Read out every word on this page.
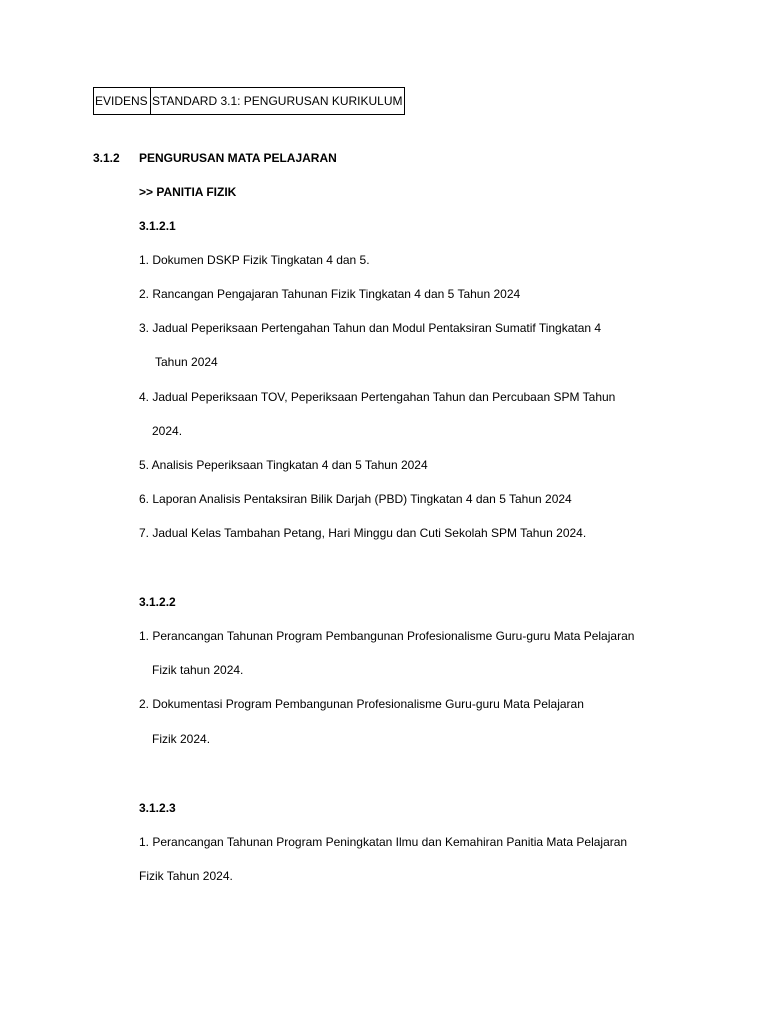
EVIDENS	STANDARD 3.1: PENGURUSAN KURIKULUM
3.1.2 PENGURUSAN MATA PELAJARAN
>> PANITIA FIZIK
3.1.2.1
1. Dokumen DSKP Fizik Tingkatan 4 dan 5.
2. Rancangan Pengajaran Tahunan Fizik Tingkatan 4 dan 5 Tahun 2024
3. Jadual Peperiksaan Pertengahan Tahun dan Modul Pentaksiran Sumatif Tingkatan 4
Tahun 2024
4. Jadual Peperiksaan TOV, Peperiksaan Pertengahan Tahun dan Percubaan SPM Tahun
2024.
5. Analisis Peperiksaan Tingkatan 4 dan 5 Tahun 2024
6. Laporan Analisis Pentaksiran Bilik Darjah (PBD) Tingkatan 4 dan 5 Tahun 2024
7. Jadual Kelas Tambahan Petang, Hari Minggu dan Cuti Sekolah SPM Tahun 2024.
3.1.2.2
1. Perancangan Tahunan Program Pembangunan Profesionalisme Guru-guru Mata Pelajaran
Fizik tahun 2024.
2. Dokumentasi Program Pembangunan Profesionalisme Guru-guru Mata Pelajaran
Fizik 2024.
3.1.2.3
1. Perancangan Tahunan Program Peningkatan Ilmu dan Kemahiran Panitia Mata Pelajaran
Fizik Tahun 2024.
